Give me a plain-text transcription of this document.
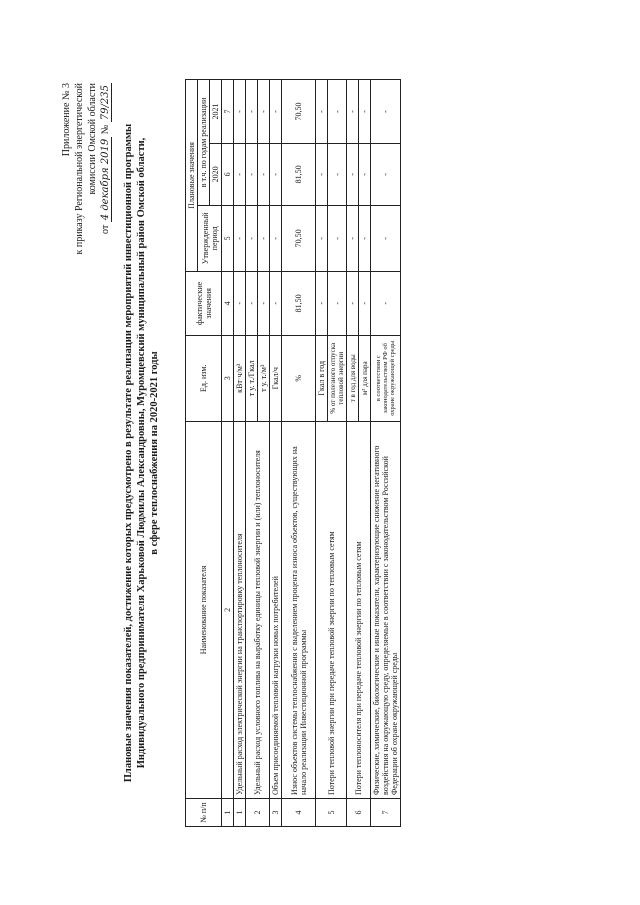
Приложение № 3 к приказу Региональной энергетической комиссии Омской области
от 4 декабря 2019 № 79/235
Плановые значения показателей, достижение которых предусмотрено в результате реализации мероприятий инвестиционной программы Индивидуального предпринимателя Харьковой Людмилы Александровны, Муромцевский муниципальный район Омской области, в сфере теплоснабжения на 2020-2021 годы
№ п/п	Наименование показателя	Ед. изм.	фактические значения	Плановые значения		
				Утвержденный период	в т.ч. по годам реализации	
					2020	2021
1	2	3	4	5	6	7
1	Удельный расход электрической энергии на транспортировку теплоносителя	кВт·ч/м³	-	-	-	-
2	Удельный расход условного топлива на выработку единицы тепловой энергии и (или) теплоносителя	т у. т./Гкал	-	-	-	-
		т у. т./м³	-	-	-	-
3	Объем присоединяемой тепловой нагрузки новых потребителей	Гкал/ч	-	-	-	-
4	Износ объектов системы теплоснабжения с выделением процента износа объектов, существующих на начало реализации Инвестиционной программы	%	81,50	70,50	81,50	70,50
5	Потери тепловой энергии при передаче тепловой энергии по тепловым сетям	Гкал в год	-	-	-	-
		% от полезного отпуска тепловой энергии	-	-	-	-
6	Потери теплоносителя при передаче тепловой энергии по тепловым сетям	т в год для воды	-	-	-	-
		м³ для пара	-	-	-	-
7	Физические, химические, биологические и иные показатели, характеризующие снижение негативного воздействия на окружающую среду, определяемые в соответствии с законодательством Российской Федерации об охране окружающей среды	в соответствии с законодательством РФ об охране окружающей среды	-	-	-	-
